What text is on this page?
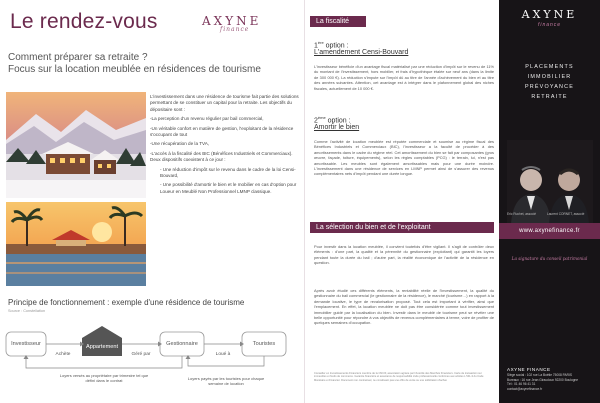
Le rendez-vous	AXYNE
finance
Comment préparer sa retraite ?
Focus sur la location meublée en résidences de tourisme

L'investissement dans une résidence de tourisme fait partie des solutions permettant de se constituer un capital pour la retraite. Les objectifs du dépositaire sont :

-La perception d'un revenu régulier par bail commercial,

-Un véritable confort en matière de gestion, l'exploitant de la résidence s'occupant de tout

-Une récupération de la TVA,

-L'accès à la fiscalité des BIC (Bénéfices Industriels et Commerciaux). Deux dispositifs coexistent à ce jour :

- Une réduction d'impôt sur le revenu dans le cadre de la loi Censi-Bouvard,

- Une possibilité d'amortir le bien et le mobilier en cas d'option pour Loueur en Meublé Non Professionnel LMNP classique.

Principe de fonctionnement : exemple d'une résidence de tourisme
Source : Constellation
Investisseur	Appartement	Gestionnaire	Touristes
Achète	Géré par	Loué à
Loyers versés au propriétaire par trimestre tel que défini dans le contrat	Loyers payés par les touristes pour chaque semaine de location
La fiscalité
1ère option :
L'amendement Censi-Bouvard
L'investisseur bénéficie d'un avantage fiscal matérialisé par une réduction d'impôt sur le revenu de 11% du montant de l'investissement, hors mobilier, et frais d'hypothèque étalée sur neuf ans (dans la limite de 300 000 €). La réduction s'impute sur l'impôt dû au titre de l'année d'achèvement du bien et au titre des années suivantes. Attention, cet avantage est à intégrer dans le plafonnement global des niches fiscales, actuellement de 10 000 €.
2ème option :
Amortir le bien
Comme l'activité de location meublée est réputée commerciale et soumise au régime fiscal des Bénéfices Industriels et Commerciaux (BIC), l'investisseur a la faculté de procéder à des amortissements dans le cadre du régime réel. Cet amortissement du bien se fait par composantes (gros œuvre, façade, toiture, équipements), selon les règles comptables (PCG) : le terrain, lui, n'est pas amortissable. Les meubles sont également amortissables mais pour une durée moindre. L'investissement dans une résidence de services en LMNP permet ainsi de s'assurer des revenus complémentaires nets d'impôt pendant une durée longue.
La sélection du bien et de l'exploitant
Pour investir dans la location meublée, il convient toutefois d'être vigilant. Il s'agit de contrôler deux éléments : d'une part, la qualité et la pérennité du gestionnaire (exploitant) qui garantit les loyers pendant toute la durée du bail ; d'autre part, la réalité économique de l'activité de la résidence en question.
Après avoir étudié ces différents éléments, la rentabilité réelle de l'investissement, la qualité du gestionnaire du bail commercial (le gestionnaire de la résidence), le marché (tourisme…) en rapport à la demande locative, le type de revalorisation proposé. Tout cela est important à vérifier, ainsi que l'emplacement. En effet, la location meublée ne doit pas être considérée comme tout investissement immobilier guidé par la localisation du bien. Investir dans le meublé de tourisme peut se révéler une belle opportunité pour répondre à vos objectifs de revenus complémentaires à terme, voire de profiter de quelques semaines d'occupation.
Conseiller en Investissements Financiers membre de la CNCIF, association agréée par l'Autorité des Marchés Financiers. Carte de transaction sur immeubles et fonds de commerce. Garantie financière et assurance de responsabilité civile professionnelle conformes aux articles L 541-3 du Code Monétaire et Financier. Document non contractuel, ne constituant pas une offre de vente ou une sollicitation d'achat.
AXYNE
finance
PLACEMENTS
IMMOBILIER
PRÉVOYANCE
RETRAITE
Eric Ruchet, associé	Laurent CORNET, associé
www.axynefinance.fr
La signature du conseil patrimonial
AXYNE FINANCE
Siège social : 102 rue La Boétie 75008 PARIS
Bureaux : 16 rue Jean Giraudoux 92200 Boulogne
Tél : 01 46 96 41 31
contact@axynefinance.fr
